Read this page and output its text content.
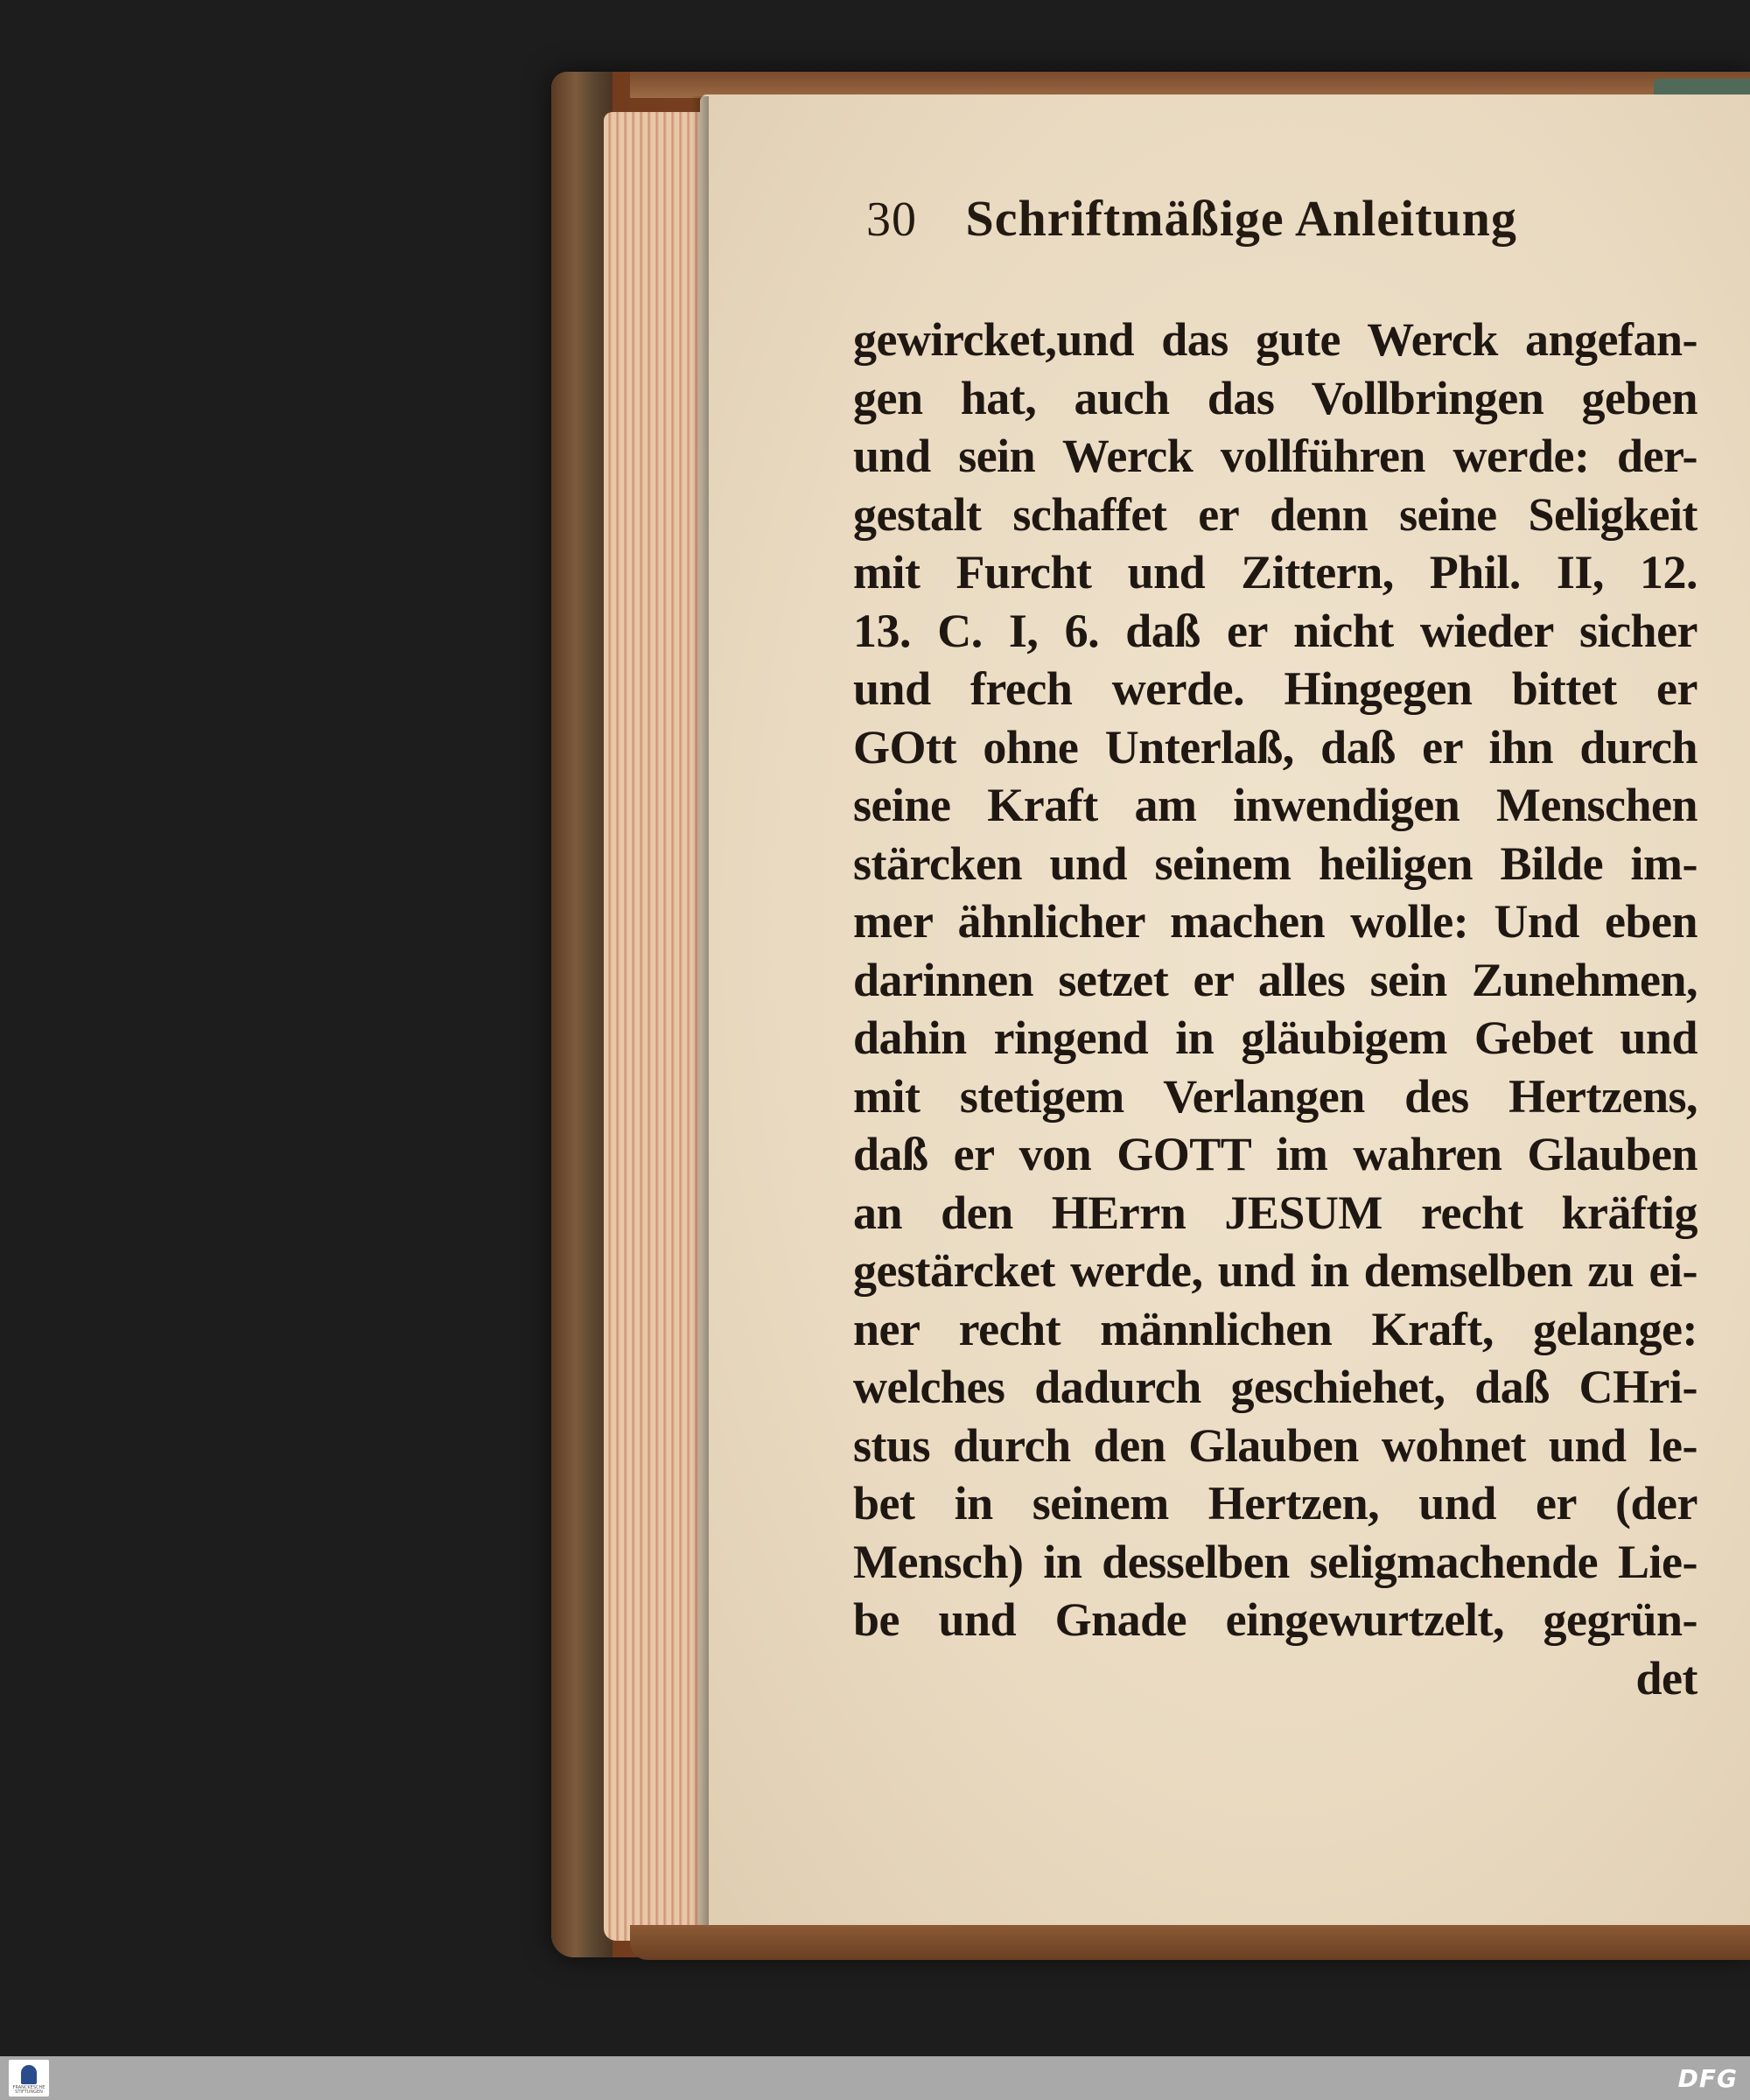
30 Schriftmäßige Anleitung
gewircket,und das gute Werck angefan-
gen hat, auch das Vollbringen geben
und sein Werck vollführen werde: der-
gestalt schaffet er denn seine Seligkeit
mit Furcht und Zittern, Phil. II, 12.
13. C. I, 6. daß er nicht wieder sicher
und frech werde. Hingegen bittet er
GOtt ohne Unterlaß, daß er ihn durch
seine Kraft am inwendigen Menschen
stärcken und seinem heiligen Bilde im-
mer ähnlicher machen wolle: Und eben
darinnen setzet er alles sein Zunehmen,
dahin ringend in gläubigem Gebet und
mit stetigem Verlangen des Hertzens,
daß er von GOTT im wahren Glauben
an den HErrn JESUM recht kräftig
gestärcket werde, und in demselben zu ei-
ner recht männlichen Kraft, gelange:
welches dadurch geschiehet, daß CHri-
stus durch den Glauben wohnet und le-
bet in seinem Hertzen, und er (der
Mensch) in desselben seligmachende Lie-
be und Gnade eingewurtzelt, gegrün-
det
FRANCKESCHE STIFTUNGEN	DFG
